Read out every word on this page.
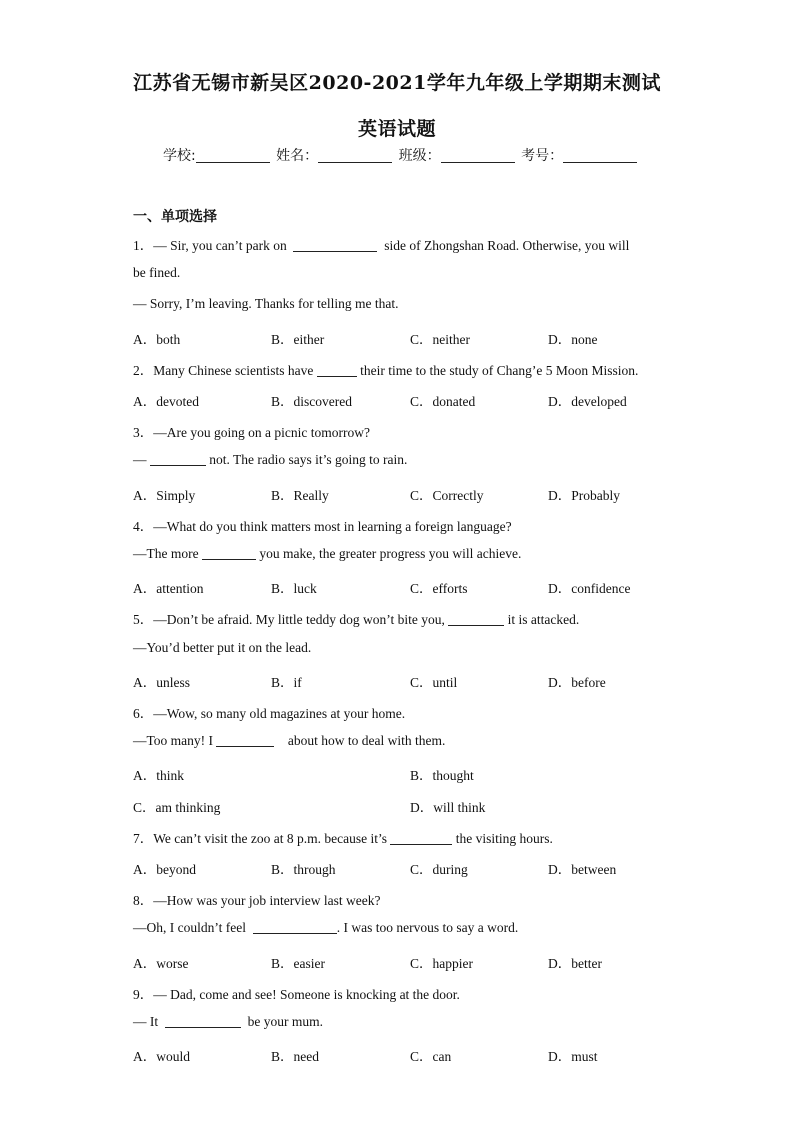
江苏省无锡市新吴区2020-2021学年九年级上学期期末测试
英语试题
学校:	姓名：	班级：	考号：
一、单项选择
1．— Sir, you can’t park on	side of Zhongshan Road. Otherwise, you will
be fined.
— Sorry, I’m leaving. Thanks for telling me that.
A．both	B．either	C．neither	D．none
2．Many Chinese scientists have	their time to the study of Chang’e 5 Moon Mission.
A．devoted	B．discovered	C．donated	D．developed
3．—Are you going on a picnic tomorrow?
—	not. The radio says it’s going to rain.
A．Simply	B．Really	C．Correctly	D．Probably
4．—What do you think matters most in learning a foreign language?
—The more	you make, the greater progress you will achieve.
A．attention	B．luck	C．efforts	D．confidence
5．—Don’t be afraid. My little teddy dog won’t bite you,	it is attacked.
—You’d better put it on the lead.
A．unless	B．if	C．until	D．before
6．—Wow, so many old magazines at your home.
—Too many! I	about how to deal with them.
A．think	B．thought
C．am thinking	D．will think
7．We can’t visit the zoo at 8 p.m. because it’s	the visiting hours.
A．beyond	B．through	C．during	D．between
8．—How was your job interview last week?
—Oh, I couldn’t feel	. I was too nervous to say a word.
A．worse	B．easier	C．happier	D．better
9．— Dad, come and see! Someone is knocking at the door.
— It	be your mum.
A．would	B．need	C．can	D．must
